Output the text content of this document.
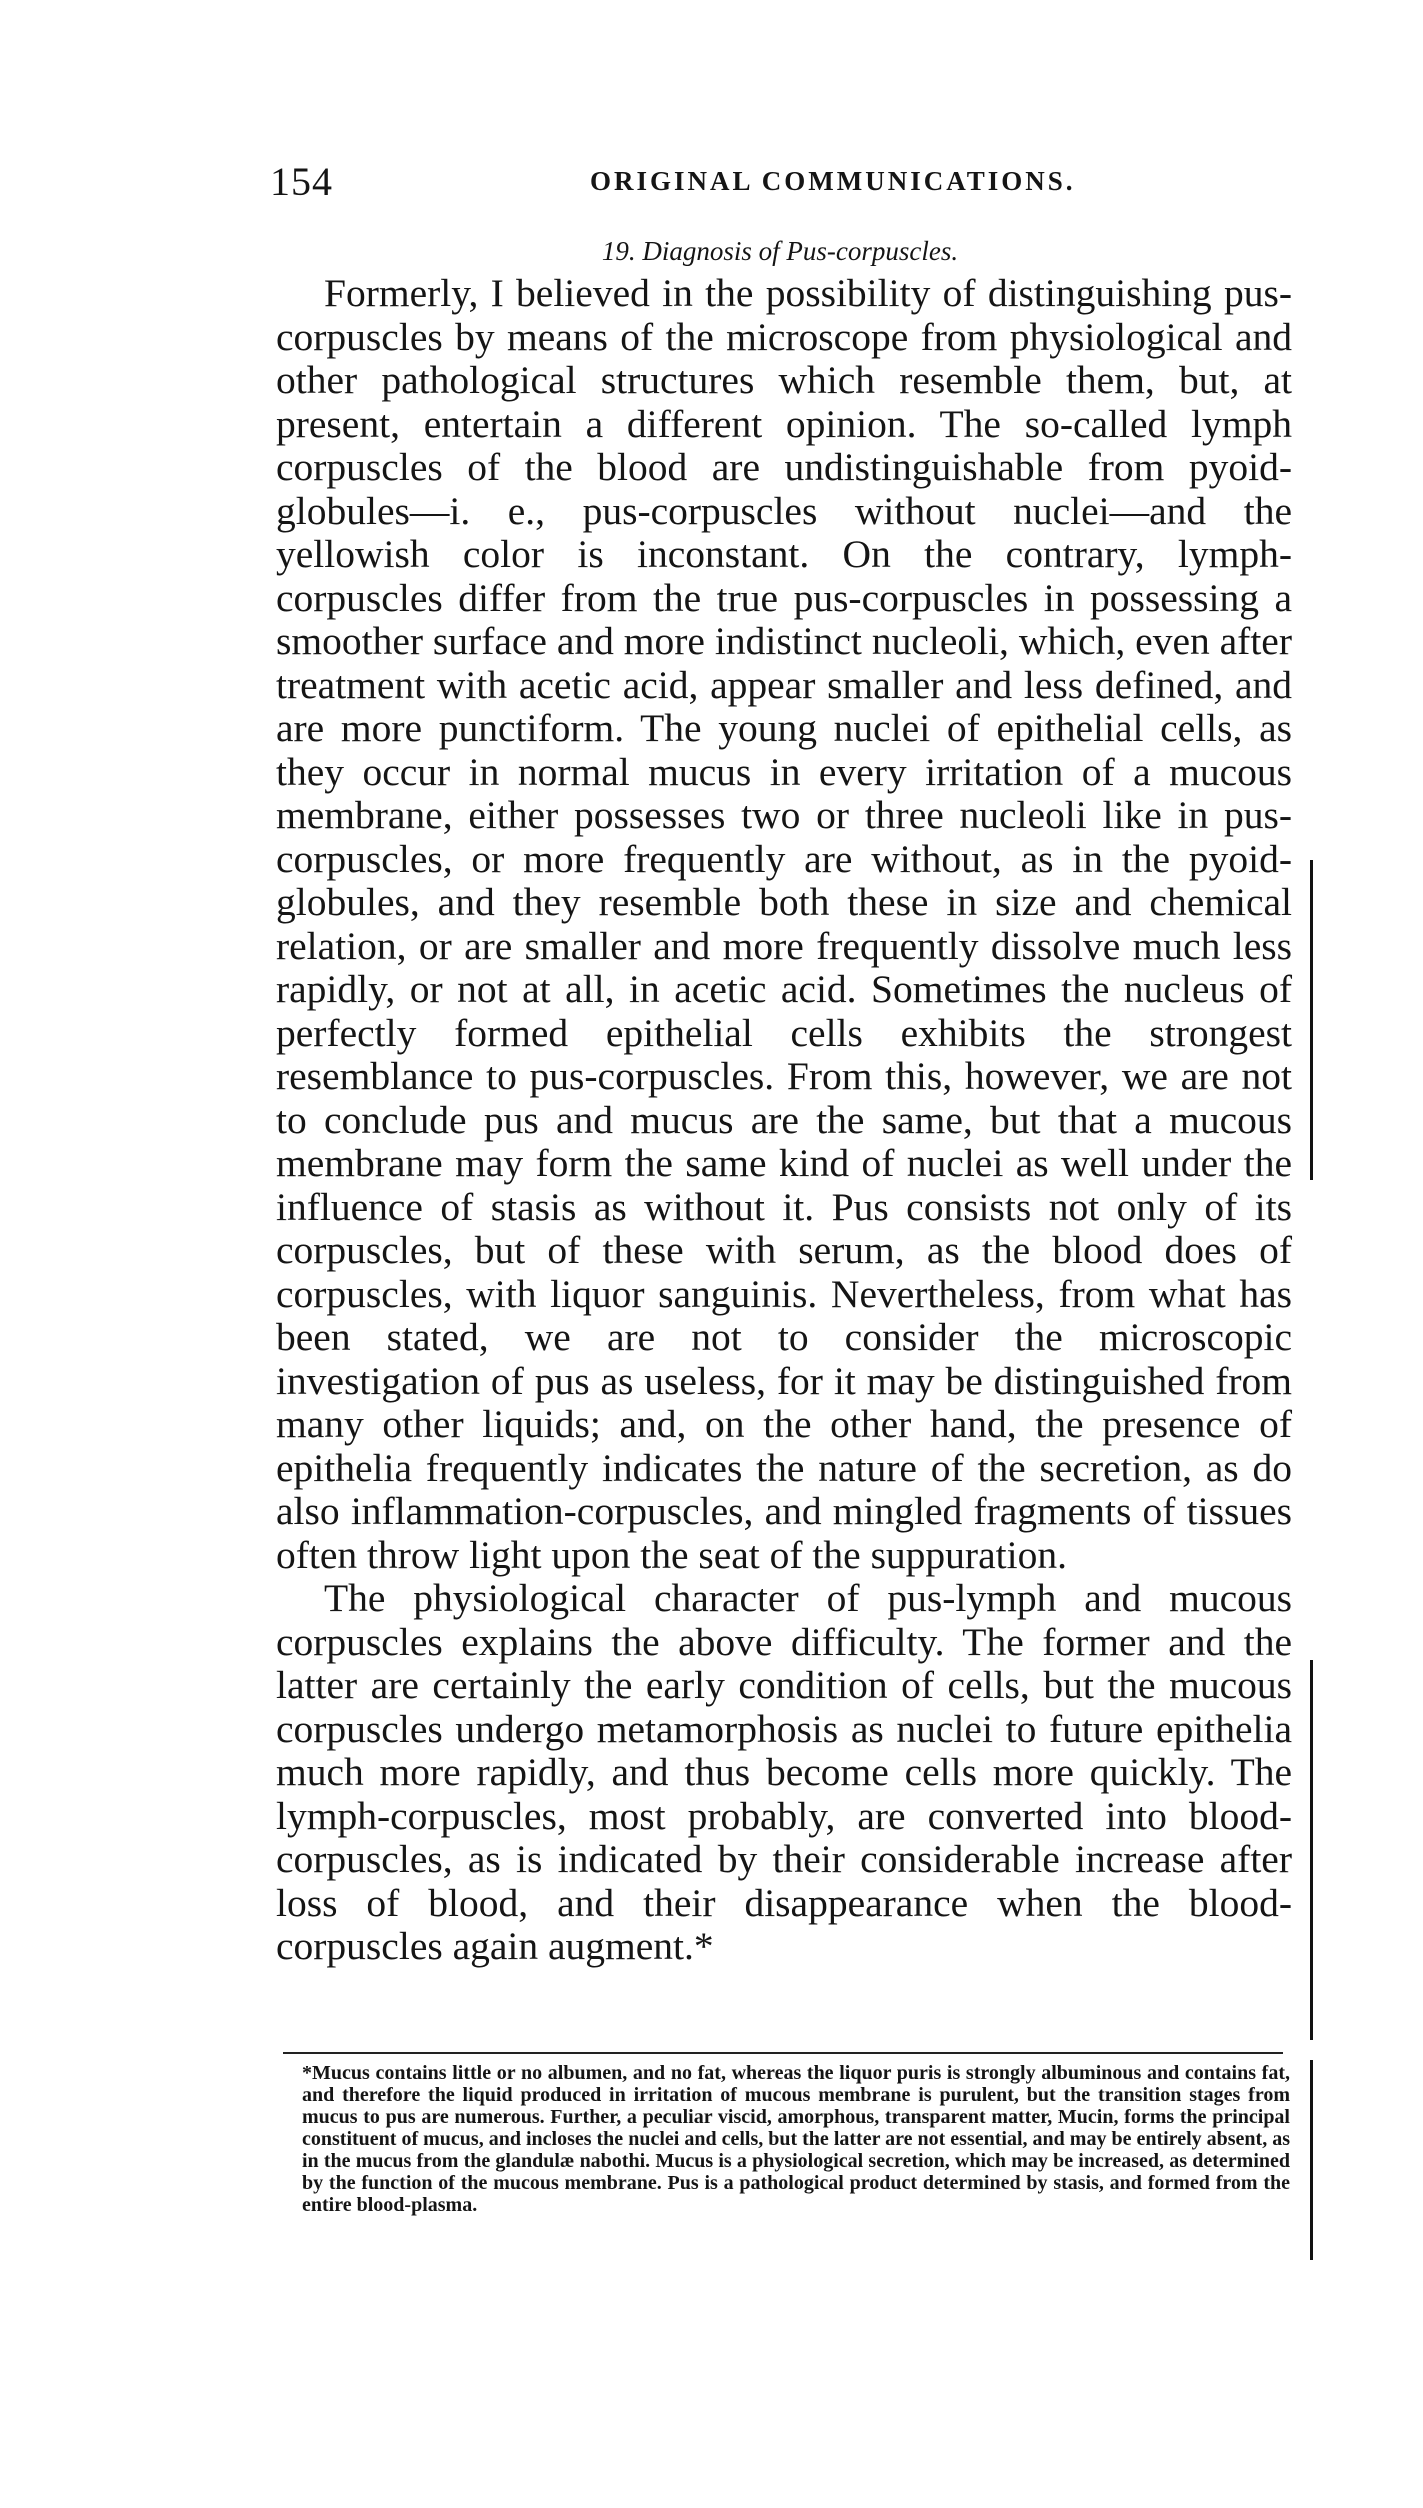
154	ORIGINAL COMMUNICATIONS.
19. Diagnosis of Pus-corpuscles.

Formerly, I believed in the possibility of distinguishing pus-corpuscles by means of the microscope from physiological and other pathological structures which resemble them, but, at present, entertain a different opinion. The so-called lymph corpuscles of the blood are undistinguishable from pyoid-globules—i. e., pus-corpuscles without nuclei—and the yellowish color is inconstant. On the contrary, lymph-corpuscles differ from the true pus-corpuscles in possessing a smoother surface and more indistinct nucleoli, which, even after treatment with acetic acid, appear smaller and less defined, and are more punctiform. The young nuclei of epithelial cells, as they occur in normal mucus in every irritation of a mucous membrane, either possesses two or three nucleoli like in pus-corpuscles, or more frequently are without, as in the pyoid-globules, and they resemble both these in size and chemical relation, or are smaller and more frequently dissolve much less rapidly, or not at all, in acetic acid. Sometimes the nucleus of perfectly formed epithelial cells exhibits the strongest resemblance to pus-corpuscles. From this, however, we are not to conclude pus and mucus are the same, but that a mucous membrane may form the same kind of nuclei as well under the influence of stasis as without it. Pus consists not only of its corpuscles, but of these with serum, as the blood does of corpuscles, with liquor sanguinis. Nevertheless, from what has been stated, we are not to consider the microscopic investigation of pus as useless, for it may be distinguished from many other liquids; and, on the other hand, the presence of epithelia frequently indicates the nature of the secretion, as do also inflammation-corpuscles, and mingled fragments of tissues often throw light upon the seat of the suppuration.

The physiological character of pus-lymph and mucous corpuscles explains the above difficulty. The former and the latter are certainly the early condition of cells, but the mucous corpuscles undergo metamorphosis as nuclei to future epithelia much more rapidly, and thus become cells more quickly. The lymph-corpuscles, most probably, are converted into blood-corpuscles, as is indicated by their considerable increase after loss of blood, and their disappearance when the blood-corpuscles again augment.*

*Mucus contains little or no albumen, and no fat, whereas the liquor puris is strongly albuminous and contains fat, and therefore the liquid produced in irritation of mucous membrane is purulent, but the transition stages from mucus to pus are numerous. Further, a peculiar viscid, amorphous, transparent matter, Mucin, forms the principal constituent of mucus, and incloses the nuclei and cells, but the latter are not essential, and may be entirely absent, as in the mucus from the glandulæ nabothi. Mucus is a physiological secretion, which may be increased, as determined by the function of the mucous membrane. Pus is a pathological product determined by stasis, and formed from the entire blood-plasma.
